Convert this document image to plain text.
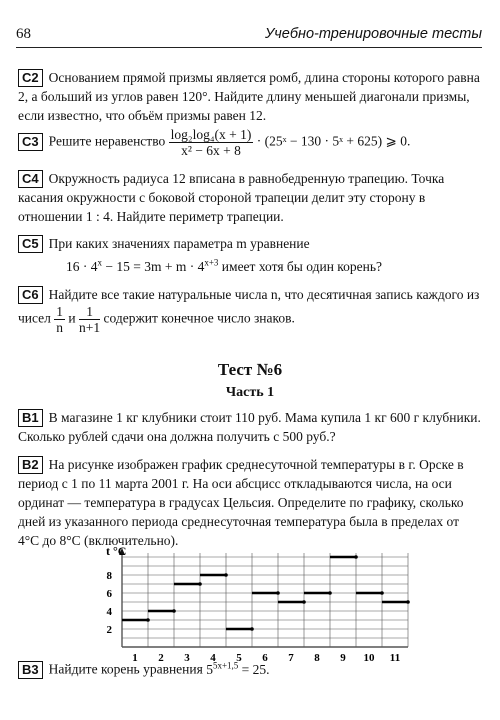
68	Учебно-тренировочные тесты
C2 Основанием прямой призмы является ромб, длина стороны которого равна 2, а больший из углов равен 120°. Найдите длину меньшей диагонали призмы, если известно, что объём призмы равен 12.
C3 Решите неравенство $\frac{\text{log₂log₄(x + 1)}}{\text{x² − 6x + 8}}$ · (25ˣ − 130 · 5ˣ + 625) ⩾ 0.
C4 Окружность радиуса 12 вписана в равнобедренную трапецию. Точка касания окружности с боковой стороной трапеции делит эту сторону в отношении 1 : 4. Найдите периметр трапеции.
C5 При каких значениях параметра m уравнение
$16 \cdot 4^x - 15 = 3m + m \cdot 4^{x+3}$ имеет хотя бы один корень?
C6 Найдите все такие натуральные числа n, что десятичная запись каждого из чисел $\frac{1}{n}$ и $\frac{1}{n+1}$ содержит конечное число знаков.
Тест №6
Часть 1
B1 В магазине 1 кг клубники стоит 110 руб. Мама купила 1 кг 600 г клубники. Сколько рублей сдачи она должна получить с 500 руб.?
B2 На рисунке изображен график среднесуточной температуры в г. Орске в период с 1 по 11 марта 2001 г. На оси абсцисс откладываются числа, на оси ординат — температура в градусах Цельсия. Определите по графику, сколько дней из указанного периода среднесуточная температура была в пределах от 4°C до 8°C (включительно).
t °C
2
4
6
8
1 2 3 4 5 6 7 8 9 10 11
B3 Найдите корень уравнения $5^{5x+1,5} = 25$.
